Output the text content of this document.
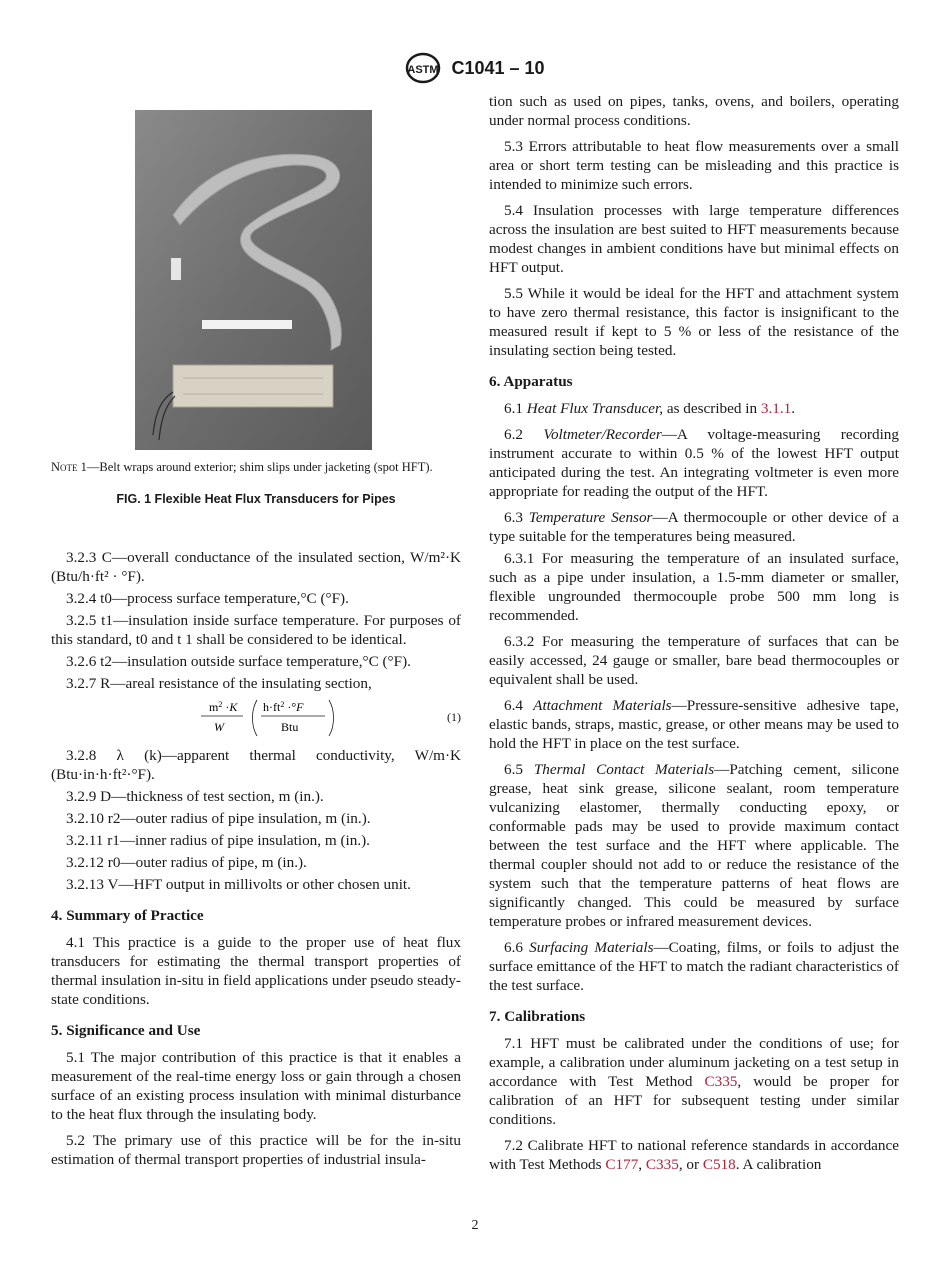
ASTM C1041 – 10
Note 1—Belt wraps around exterior; shim slips under jacketing (spot HFT).
FIG. 1 Flexible Heat Flux Transducers for Pipes

3.2.3 C—overall conductance of the insulated section, W/m²·K (Btu/h·ft² · °F).

3.2.4 t0—process surface temperature,°C (°F).

3.2.5 t1—insulation inside surface temperature. For purposes of this standard, t0 and t 1 shall be considered to be identical.

3.2.6 t2—insulation outside surface temperature,°C (°F).

3.2.7 R—areal resistance of the insulating section,

$m^2 \cdot K$
W
$h\cdot ft^2 \cdot^\circ F$
Btu
(1)

3.2.8 λ (k)—apparent thermal conductivity, W/m·K (Btu·in·h·ft²·°F).

3.2.9 D—thickness of test section, m (in.).

3.2.10 r2—outer radius of pipe insulation, m (in.).

3.2.11 r1—inner radius of pipe insulation, m (in.).

3.2.12 r0—outer radius of pipe, m (in.).

3.2.13 V—HFT output in millivolts or other chosen unit.

4. Summary of Practice

4.1 This practice is a guide to the proper use of heat flux transducers for estimating the thermal transport properties of thermal insulation in-situ in field applications under pseudo steady-state conditions.

5. Significance and Use

5.1 The major contribution of this practice is that it enables a measurement of the real-time energy loss or gain through a chosen surface of an existing process insulation with minimal disturbance to the heat flux through the insulating body.

5.2 The primary use of this practice will be for the in-situ estimation of thermal transport properties of industrial insula-

tion such as used on pipes, tanks, ovens, and boilers, operating under normal process conditions.

5.3 Errors attributable to heat flow measurements over a small area or short term testing can be misleading and this practice is intended to minimize such errors.

5.4 Insulation processes with large temperature differences across the insulation are best suited to HFT measurements because modest changes in ambient conditions have but minimal effects on HFT output.

5.5 While it would be ideal for the HFT and attachment system to have zero thermal resistance, this factor is insignificant to the measured result if kept to 5 % or less of the resistance of the insulating section being tested.

6. Apparatus

6.1 Heat Flux Transducer, as described in 3.1.1.

6.2 Voltmeter/Recorder—A voltage-measuring recording instrument accurate to within 0.5 % of the lowest HFT output anticipated during the test. An integrating voltmeter is even more appropriate for reading the output of the HFT.

6.3 Temperature Sensor—A thermocouple or other device of a type suitable for the temperatures being measured.

6.3.1 For measuring the temperature of an insulated surface, such as a pipe under insulation, a 1.5-mm diameter or smaller, flexible ungrounded thermocouple probe 500 mm long is recommended.

6.3.2 For measuring the temperature of surfaces that can be easily accessed, 24 gauge or smaller, bare bead thermocouples or equivalent shall be used.

6.4 Attachment Materials—Pressure-sensitive adhesive tape, elastic bands, straps, mastic, grease, or other means may be used to hold the HFT in place on the test surface.

6.5 Thermal Contact Materials—Patching cement, silicone grease, heat sink grease, silicone sealant, room temperature vulcanizing elastomer, thermally conducting epoxy, or conformable pads may be used to provide maximum contact between the test surface and the HFT where applicable. The thermal coupler should not add to or reduce the resistance of the system such that the temperature patterns of heat flows are significantly changed. This could be measured by surface temperature probes or infrared measurement devices.

6.6 Surfacing Materials—Coating, films, or foils to adjust the surface emittance of the HFT to match the radiant characteristics of the test surface.

7. Calibrations

7.1 HFT must be calibrated under the conditions of use; for example, a calibration under aluminum jacketing on a test setup in accordance with Test Method C335, would be proper for calibration of an HFT for subsequent testing under similar conditions.

7.2 Calibrate HFT to national reference standards in accordance with Test Methods C177, C335, or C518. A calibration

2
